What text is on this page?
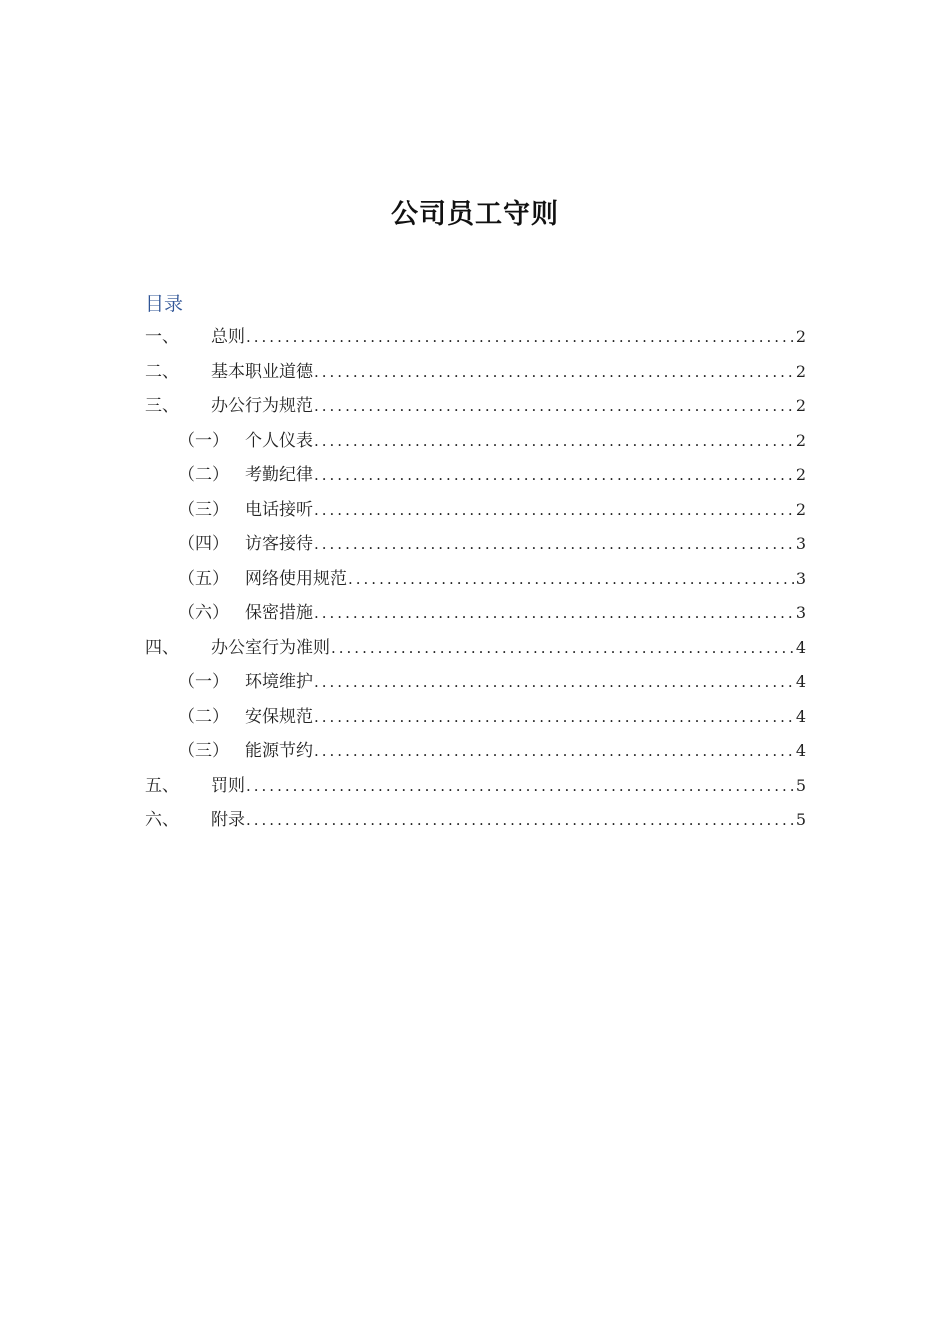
公司员工守则
目录
一、	总则 .....	2
二、	基本职业道德 .....	2
三、	办公行为规范 .....	2
（一） 个人仪表 .....	2
（二） 考勤纪律 .....	2
（三） 电话接听 .....	2
（四） 访客接待 .....	3
（五） 网络使用规范 .....	3
（六） 保密措施 .....	3
四、	办公室行为准则 .....	4
（一） 环境维护 .....	4
（二） 安保规范 .....	4
（三） 能源节约 .....	4
五、	罚则 .....	5
六、	附录 .....	5
